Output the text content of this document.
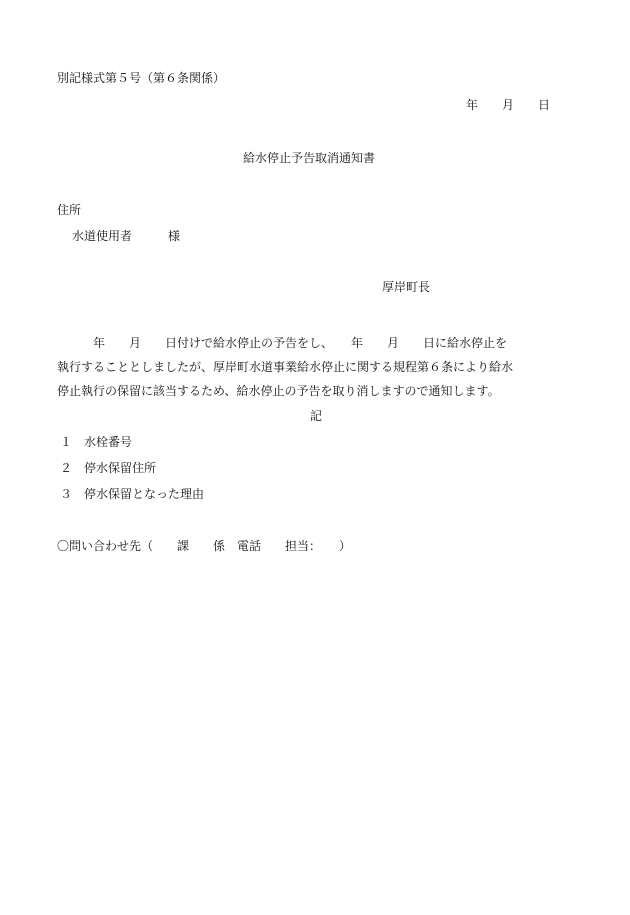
別記様式第５号（第６条関係）
年　　月　　日
給水停止予告取消通知書
住所
水道使用者　　　様
厚岸町長
　　　年　　月　　日付けで給水停止の予告をし、　　年　　月　　日に給水停止を
執行することとしましたが、厚岸町水道事業給水停止に関する規程第６条により給水
停止執行の保留に該当するため、給水停止の予告を取り消しますので通知します。
記
１　水栓番号
２　停水保留住所
３　停水保留となった理由
〇問い合わせ先（　　課　　係　電話　　担当：　　）
